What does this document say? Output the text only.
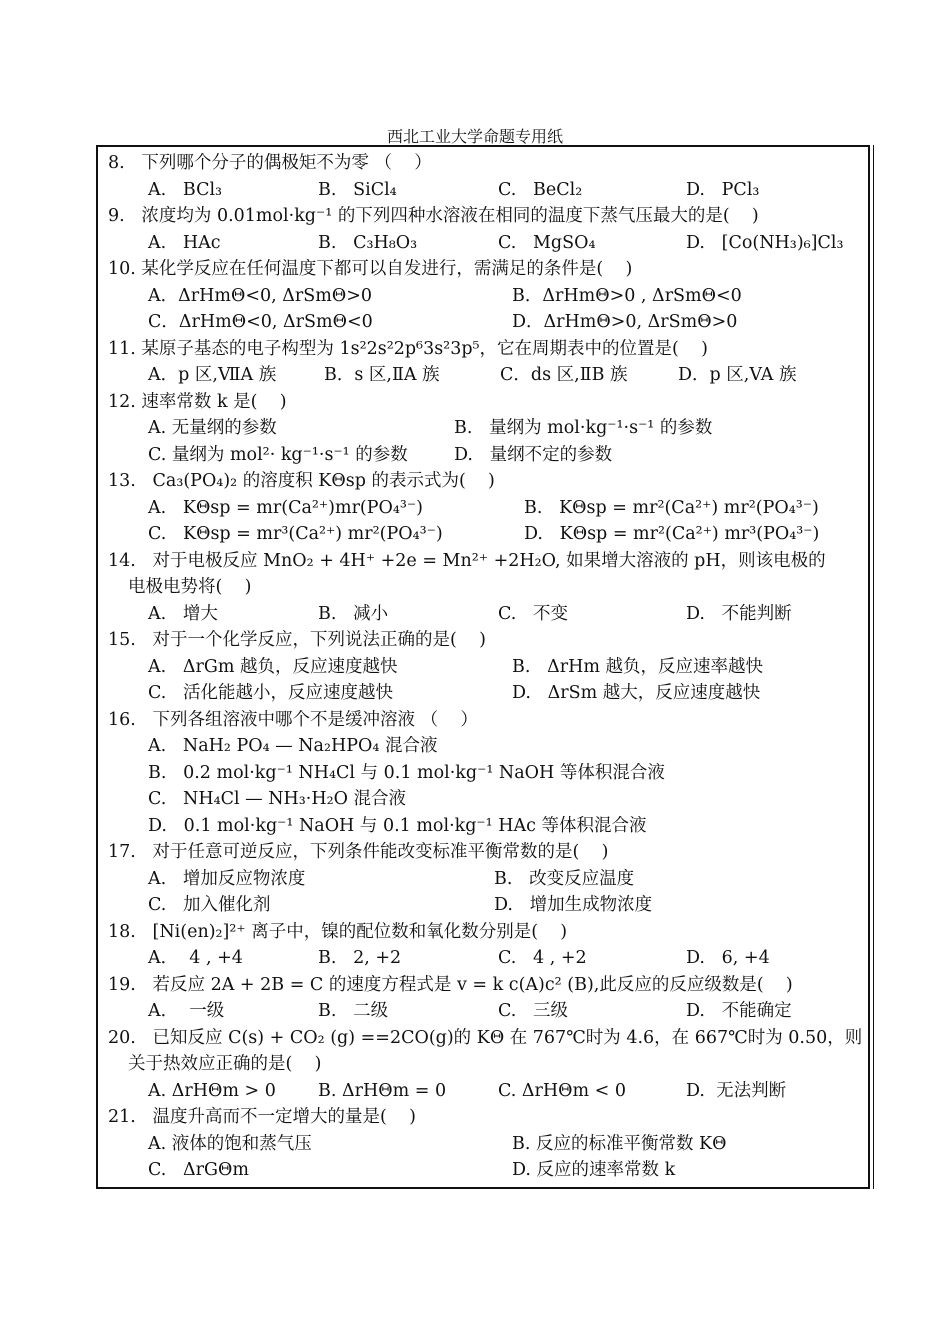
西北工业大学命题专用纸
8.   下列哪个分子的偶极矩不为零 （    ）
A.   BCl₃	B.   SiCl₄	C.   BeCl₂	D.   PCl₃
9.   浓度均为 0.01mol·kg⁻¹ 的下列四种水溶液在相同的温度下蒸气压最大的是(    )
A.   HAc	B.   C₃H₈O₃	C.   MgSO₄	D.   [Co(NH₃)₆]Cl₃
10. 某化学反应在任何温度下都可以自发进行，需满足的条件是(    )
A．ΔrHmΘ<0, ΔrSmΘ>0	B．ΔrHmΘ>0 , ΔrSmΘ<0
C．ΔrHmΘ<0, ΔrSmΘ<0	D．ΔrHmΘ>0, ΔrSmΘ>0
11. 某原子基态的电子构型为 1s²2s²2p⁶3s²3p⁵，它在周期表中的位置是(    )
A．p 区,ⅦA 族	B．s 区,ⅡA 族	C．ds 区,ⅡB 族	D．p 区,VA 族
12. 速率常数 k 是(    )
A. 无量纲的参数	B.   量纲为 mol·kg⁻¹·s⁻¹ 的参数
C. 量纲为 mol²· kg⁻¹·s⁻¹ 的参数	D.   量纲不定的参数
13.   Ca₃(PO₄)₂ 的溶度积 KΘsp 的表示式为(    )
A.   KΘsp = mr(Ca²⁺)mr(PO₄³⁻)	B.   KΘsp = mr²(Ca²⁺) mr²(PO₄³⁻)
C.   KΘsp = mr³(Ca²⁺) mr²(PO₄³⁻)	D.   KΘsp = mr²(Ca²⁺) mr³(PO₄³⁻)
14.   对于电极反应 MnO₂ + 4H⁺ +2e = Mn²⁺ +2H₂O, 如果增大溶液的 pH，则该电极的
电极电势将(    )
A.   增大	B.   减小	C.   不变	D.   不能判断
15.   对于一个化学反应，下列说法正确的是(    )
A.   ΔrGm 越负，反应速度越快	B.   ΔrHm 越负，反应速率越快
C.   活化能越小，反应速度越快	D.   ΔrSm 越大，反应速度越快
16.   下列各组溶液中哪个不是缓冲溶液 （    ）
A.   NaH₂ PO₄ — Na₂HPO₄ 混合液
B.   0.2 mol·kg⁻¹ NH₄Cl 与 0.1 mol·kg⁻¹ NaOH 等体积混合液
C.   NH₄Cl — NH₃·H₂O 混合液
D.   0.1 mol·kg⁻¹ NaOH 与 0.1 mol·kg⁻¹ HAc 等体积混合液
17.   对于任意可逆反应，下列条件能改变标准平衡常数的是(    )
A.   增加反应物浓度	B.   改变反应温度
C.   加入催化剂	D.   增加生成物浓度
18.   [Ni(en)₂]²⁺ 离子中，镍的配位数和氧化数分别是(    )
A．  4 , +4	B.   2, +2	C.   4 , +2	D.   6, +4
19.   若反应 2A + 2B = C 的速度方程式是 v = k c(A)c² (B),此反应的反应级数是(    )
A．  一级	B.   二级	C.   三级	D.   不能确定
20.   已知反应 C(s) + CO₂ (g) ==2CO(g)的 KΘ 在 767℃时为 4.6，在 667℃时为 0.50，则
关于热效应正确的是(    )
A. ΔrHΘm > 0	B. ΔrHΘm = 0	C. ΔrHΘm < 0	D.  无法判断
21.   温度升高而不一定增大的量是(    )
A. 液体的饱和蒸气压	B. 反应的标准平衡常数 KΘ
C.   ΔrGΘm	D. 反应的速率常数 k
